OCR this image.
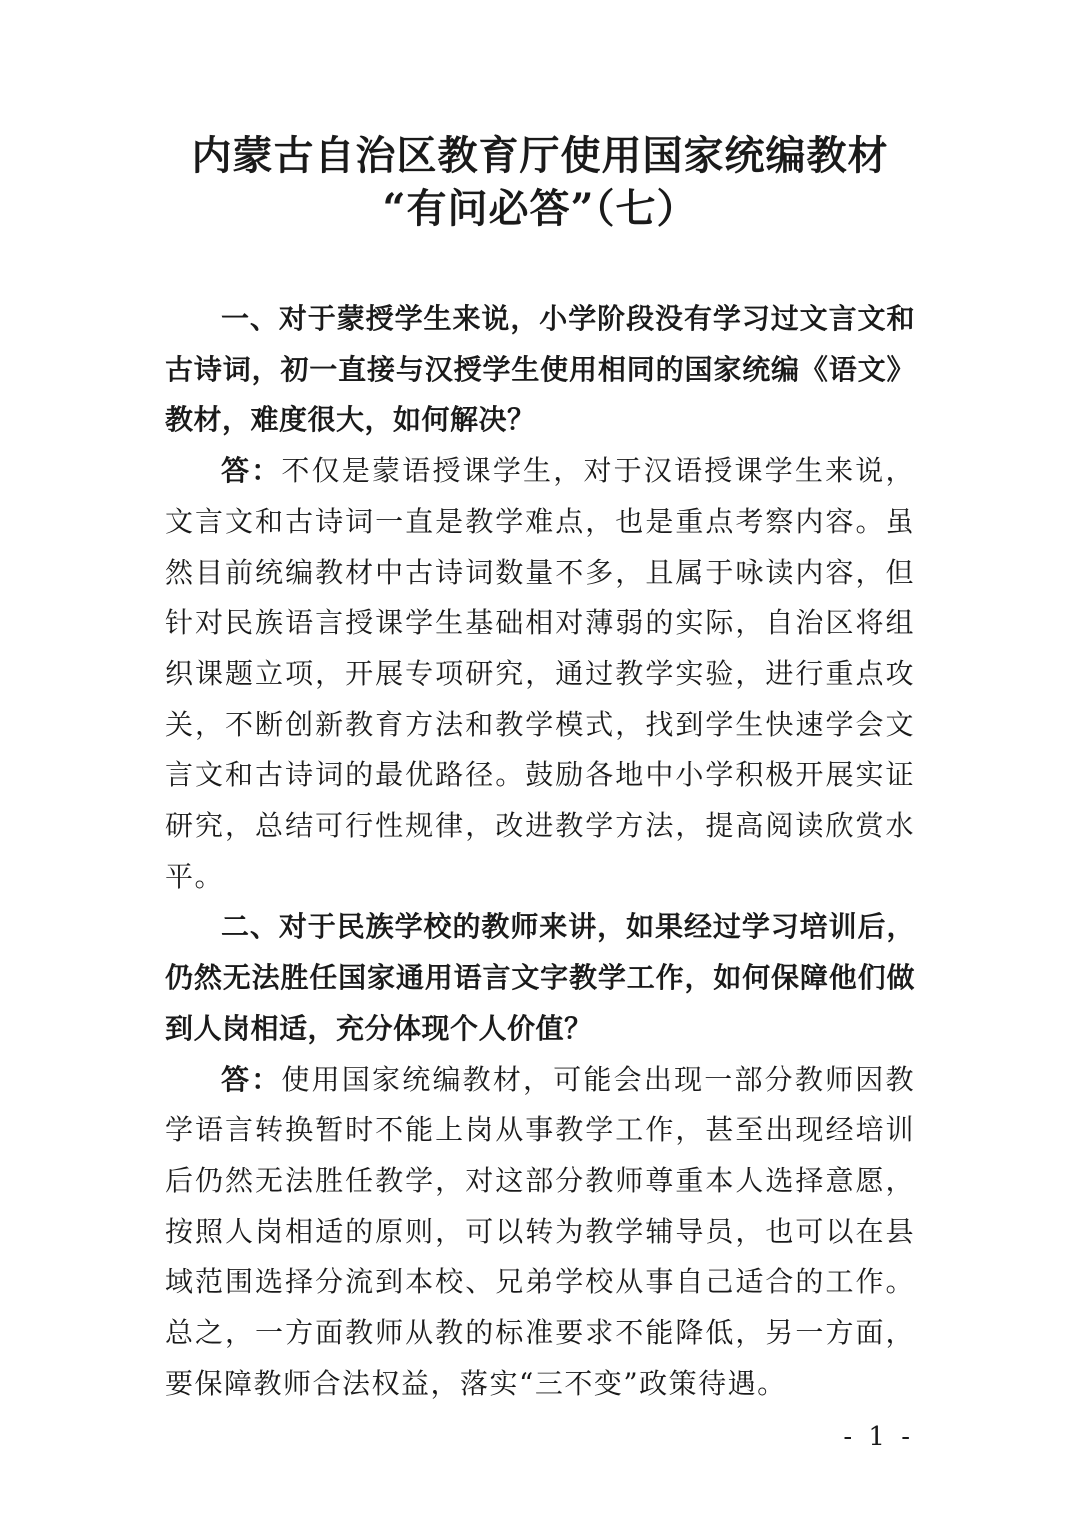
内蒙古自治区教育厅使用国家统编教材
“有问必答”（七）

一、对于蒙授学生来说，小学阶段没有学习过文言文和古诗词，初一直接与汉授学生使用相同的国家统编《语文》教材，难度很大，如何解决？

答：不仅是蒙语授课学生，对于汉语授课学生来说，文言文和古诗词一直是教学难点，也是重点考察内容。虽然目前统编教材中古诗词数量不多，且属于咏读内容，但针对民族语言授课学生基础相对薄弱的实际，自治区将组织课题立项，开展专项研究，通过教学实验，进行重点攻关，不断创新教育方法和教学模式，找到学生快速学会文言文和古诗词的最优路径。鼓励各地中小学积极开展实证研究，总结可行性规律，改进教学方法，提高阅读欣赏水平。

二、对于民族学校的教师来讲，如果经过学习培训后，仍然无法胜任国家通用语言文字教学工作，如何保障他们做到人岗相适，充分体现个人价值？

答：使用国家统编教材，可能会出现一部分教师因教学语言转换暂时不能上岗从事教学工作，甚至出现经培训后仍然无法胜任教学，对这部分教师尊重本人选择意愿，按照人岗相适的原则，可以转为教学辅导员，也可以在县域范围选择分流到本校、兄弟学校从事自己适合的工作。总之，一方面教师从教的标准要求不能降低，另一方面，要保障教师合法权益，落实“三不变”政策待遇。

- 1 -
